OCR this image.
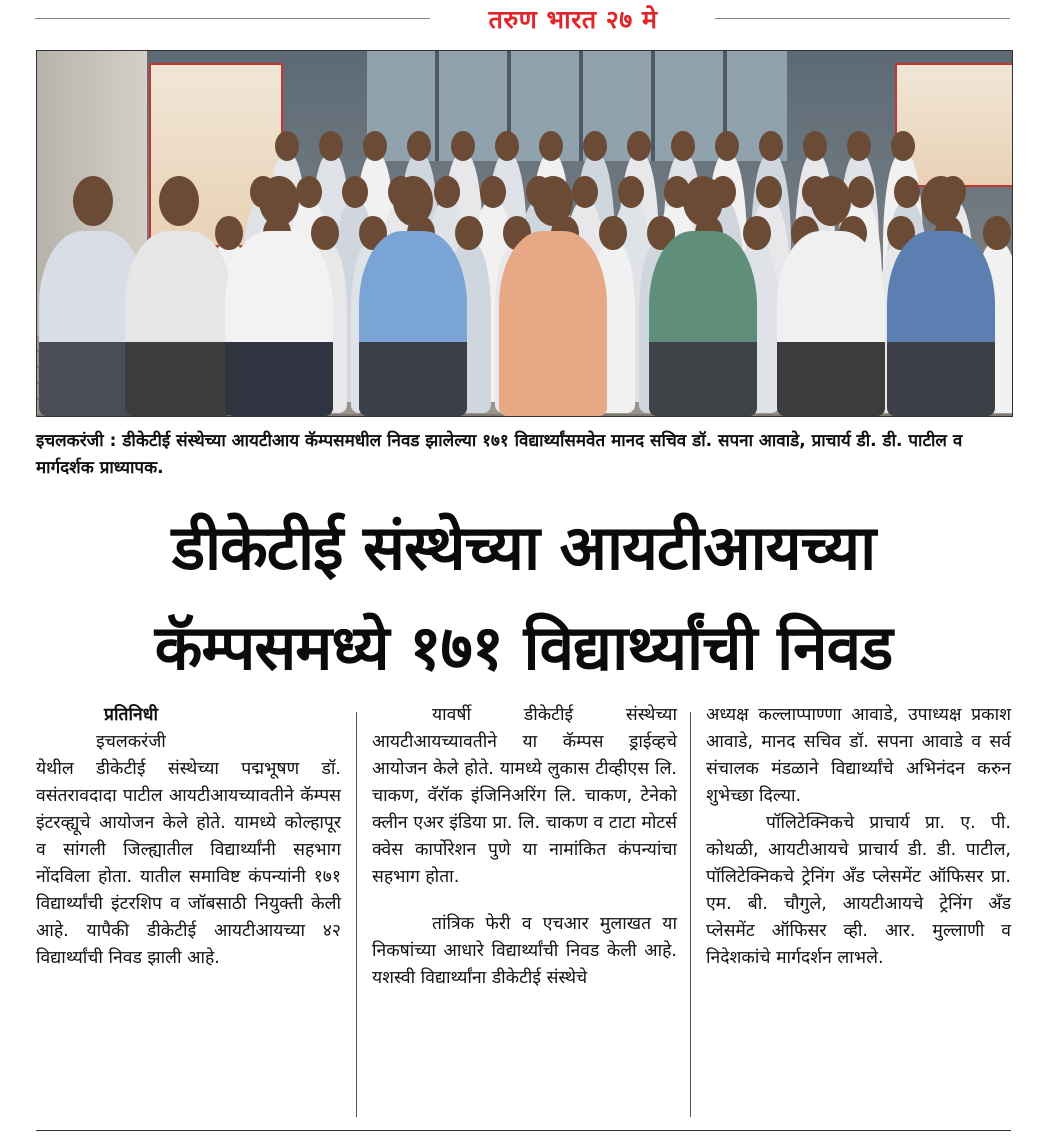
तरुण भारत २७ मे
इचलकरंजी : डीकेटीई संस्थेच्या आयटीआय कॅम्पसमधील निवड झालेल्या १७१ विद्यार्थ्यांसमवेत मानद सचिव डॉ. सपना आवाडे, प्राचार्य डी. डी. पाटील व मार्गदर्शक प्राध्यापक.
डीकेटीई संस्थेच्या आयटीआयच्या
कॅम्पसमध्ये १७१ विद्यार्थ्यांची निवड

प्रतिनिधी

इचलकरंजी

येथील डीकेटीई संस्थेच्या पद्मभूषण डॉ. वसंतरावदादा पाटील आयटीआयच्यावतीने कॅम्पस इंटरव्ह्यूचे आयोजन केले होते. यामध्ये कोल्हापूर व सांगली जिल्ह्यातील विद्यार्थ्यांनी सहभाग नोंदविला होता. यातील समाविष्ट कंपन्यांनी १७१ विद्यार्थ्यांची इंटरशिप व जॉबसाठी नियुक्ती केली आहे. यापैकी डीकेटीई आयटीआयच्या ४२ विद्यार्थ्यांची निवड झाली आहे.

यावर्षी डीकेटीई संस्थेच्या आयटीआयच्यावतीने या कॅम्पस ड्राईव्हचे आयोजन केले होते. यामध्ये लुकास टीव्हीएस लि. चाकण, वॅरॉक इंजिनिअरिंग लि. चाकण, टेनेको क्लीन एअर इंडिया प्रा. लि. चाकण व टाटा मोटर्स क्वेस कार्पोरेशन पुणे या नामांकित कंपन्यांचा सहभाग होता.

तांत्रिक फेरी व एचआर मुलाखत या निकषांच्या आधारे विद्यार्थ्यांची निवड केली आहे. यशस्वी विद्यार्थ्यांना डीकेटीई संस्थेचे

अध्यक्ष कल्लाप्पाण्णा आवाडे, उपाध्यक्ष प्रकाश आवाडे, मानद सचिव डॉ. सपना आवाडे व सर्व संचालक मंडळाने विद्यार्थ्यांचे अभिनंदन करुन शुभेच्छा दिल्या.

पॉलिटेक्निकचे प्राचार्य प्रा. ए. पी. कोथळी, आयटीआयचे प्राचार्य डी. डी. पाटील, पॉलिटेक्निकचे ट्रेनिंग अँड प्लेसमेंट ऑफिसर प्रा. एम. बी. चौगुले, आयटीआयचे ट्रेनिंग अँड प्लेसमेंट ऑफिसर व्ही. आर. मुल्लाणी व निदेशकांचे मार्गदर्शन लाभले.
